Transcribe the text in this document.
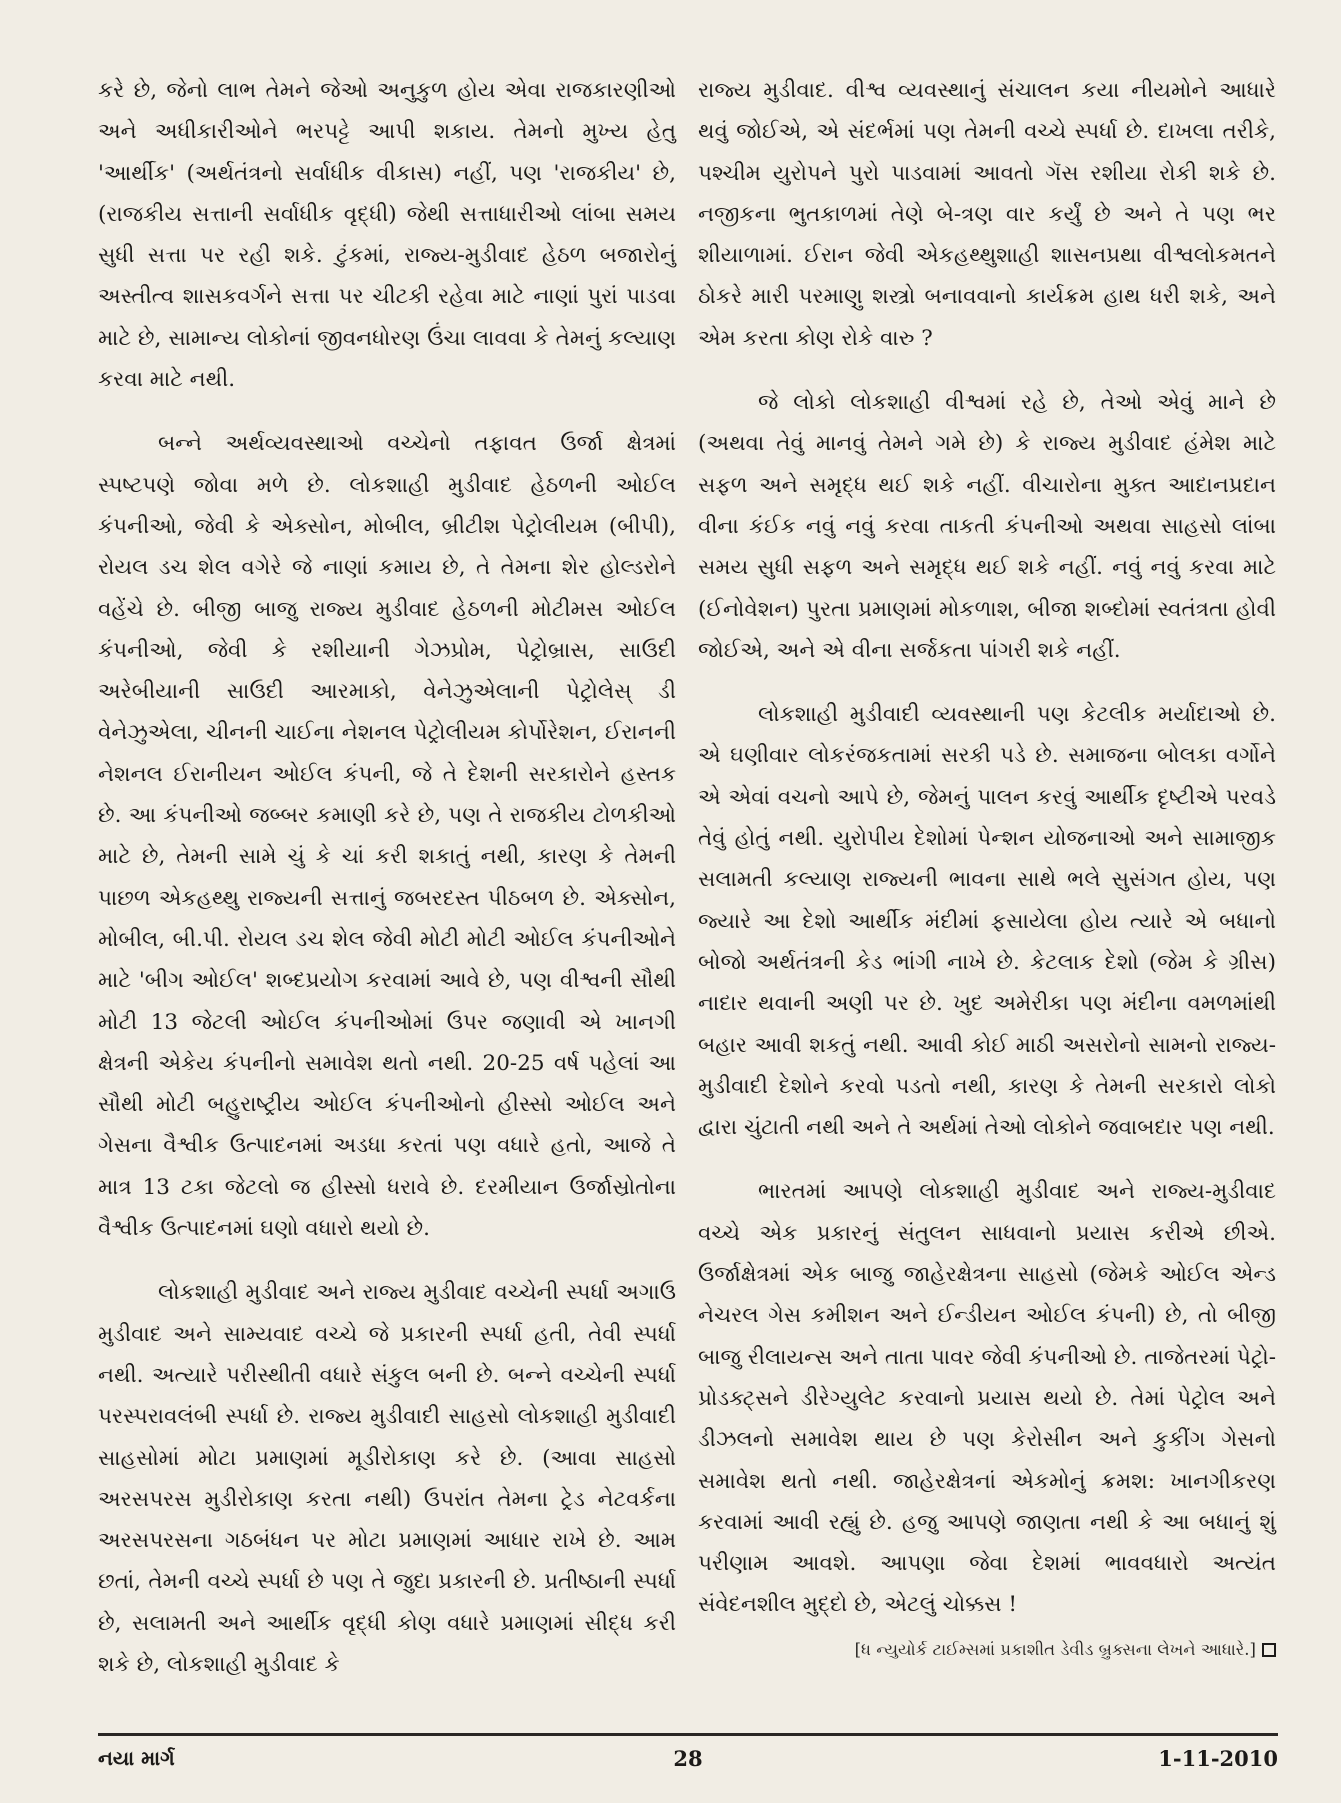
કરે છે, જેનો લાભ તેમને જેઓ અનુકુળ હોય એવા રાજકારણીઓ અને અધીકારીઓને ભરપટ્ટે આપી શકાય. તેમનો મુખ્ય હેતુ 'આર્થીક' (અર્થતંત્રનો સર્વાધીક વીકાસ) નહીં, પણ 'રાજકીય' છે, (રાજકીય સત્તાની સર્વાધીક વૃદ્ધી) જેથી સત્તાધારીઓ લાંબા સમય સુધી સત્તા પર રહી શકે. ટુંકમાં, રાજ્ય-મુડીવાદ હેઠળ બજારોનું અસ્તીત્વ શાસકવર્ગને સત્તા પર ચીટકી રહેવા માટે નાણાં પુરાં પાડવા માટે છે, સામાન્ય લોકોનાં જીવનધોરણ ઉંચા લાવવા કે તેમનું કલ્યાણ કરવા માટે નથી.

બન્ને અર્થવ્યવસ્થાઓ વચ્ચેનો તફાવત ઉર્જા ક્ષેત્રમાં સ્પષ્ટપણે જોવા મળે છે. લોકશાહી મુડીવાદ હેઠળની ઓઈલ કંપનીઓ, જેવી કે એક્સોન, મોબીલ, બ્રીટીશ પેટ્રોલીયમ (બીપી), રોયલ ડચ શેલ વગેરે જે નાણાં કમાય છે, તે તેમના શેર હોલ્ડરોને વહેંચે છે. બીજી બાજુ રાજ્ય મુડીવાદ હેઠળની મોટીમસ ઓઈલ કંપનીઓ, જેવી કે રશીયાની ગેઝપ્રોમ, પેટ્રોબ્રાસ, સાઉદી અરેબીયાની સાઉદી આરમાકો, વેનેઝુએલાની પેટ્રોલેસ્ ડી વેનેઝુએલા, ચીનની ચાઈના નેશનલ પેટ્રોલીયમ કોર્પોરેશન, ઈરાનની નેશનલ ઈરાનીયન ઓઈલ કંપની, જે તે દેશની સરકારોને હસ્તક છે. આ કંપનીઓ જબ્બર કમાણી કરે છે, પણ તે રાજકીય ટોળકીઓ માટે છે, તેમની સામે ચું કે ચાં કરી શકાતું નથી, કારણ કે તેમની પાછળ એકહથ્થુ રાજ્યની સત્તાનું જબરદસ્ત પીઠબળ છે. એક્સોન, મોબીલ, બી.પી. રોયલ ડચ શેલ જેવી મોટી મોટી ઓઈલ કંપનીઓને માટે 'બીગ ઓઈલ' શબ્દપ્રયોગ કરવામાં આવે છે, પણ વીશ્વની સૌથી મોટી 13 જેટલી ઓઈલ કંપનીઓમાં ઉપર જણાવી એ ખાનગી ક્ષેત્રની એકેય કંપનીનો સમાવેશ થતો નથી. 20-25 વર્ષ પહેલાં આ સૌથી મોટી બહુરાષ્ટ્રીય ઓઈલ કંપનીઓનો હીસ્સો ઓઈલ અને ગેસના વૈશ્વીક ઉત્પાદનમાં અડધા કરતાં પણ વધારે હતો, આજે તે માત્ર 13 ટકા જેટલો જ હીસ્સો ધરાવે છે. દરમીયાન ઉર્જાસ્રોતોના વૈશ્વીક ઉત્પાદનમાં ઘણો વધારો થયો છે.

લોકશાહી મુડીવાદ અને રાજ્ય મુડીવાદ વચ્ચેની સ્પર્ધા અગાઉ મુડીવાદ અને સામ્યવાદ વચ્ચે જે પ્રકારની સ્પર્ધા હતી, તેવી સ્પર્ધા નથી. અત્યારે પરીસ્થીતી વધારે સંકુલ બની છે. બન્ને વચ્ચેની સ્પર્ધા પરસ્પરાવલંબી સ્પર્ધા છે. રાજ્ય મુડીવાદી સાહસો લોકશાહી મુડીવાદી સાહસોમાં મોટા પ્રમાણમાં મૂડીરોકાણ કરે છે. (આવા સાહસો અરસપરસ મુડીરોકાણ કરતા નથી) ઉપરાંત તેમના ટ્રેડ નેટવર્કના અરસપરસના ગઠબંધન પર મોટા પ્રમાણમાં આધાર રાખે છે. આમ છતાં, તેમની વચ્ચે સ્પર્ધા છે પણ તે જુદા પ્રકારની છે. પ્રતીષ્ઠાની સ્પર્ધા છે, સલામતી અને આર્થીક વૃદ્ધી કોણ વધારે પ્રમાણમાં સીદ્ધ કરી શકે છે, લોકશાહી મુડીવાદ કે

રાજ્ય મુડીવાદ. વીશ્વ વ્યવસ્થાનું સંચાલન કયા નીયમોને આધારે થવું જોઈએ, એ સંદર્ભમાં પણ તેમની વચ્ચે સ્પર્ધા છે. દાખલા તરીકે, પશ્ચીમ યુરોપને પુરો પાડવામાં આવતો ગૅસ રશીયા રોકી શકે છે. નજીકના ભુતકાળમાં તેણે બે-ત્રણ વાર કર્યું છે અને તે પણ ભર શીયાળામાં. ઈરાન જેવી એકહથ્થુશાહી શાસનપ્રથા વીશ્વલોકમતને ઠોકરે મારી પરમાણુ શસ્ત્રો બનાવવાનો કાર્યક્રમ હાથ ધરી શકે, અને એમ કરતા કોણ રોકે વારુ ?

જે લોકો લોકશાહી વીશ્વમાં રહે છે, તેઓ એવું માને છે (અથવા તેવું માનવું તેમને ગમે છે) કે રાજ્ય મુડીવાદ હંમેશ માટે સફળ અને સમૃદ્ધ થઈ શકે નહીં. વીચારોના મુક્ત આદાનપ્રદાન વીના કંઈક નવું નવું કરવા તાકતી કંપનીઓ અથવા સાહસો લાંબા સમય સુધી સફળ અને સમૃદ્ધ થઈ શકે નહીં. નવું નવું કરવા માટે (ઈનોવેશન) પુરતા પ્રમાણમાં મોકળાશ, બીજા શબ્દોમાં સ્વતંત્રતા હોવી જોઈએ, અને એ વીના સર્જકતા પાંગરી શકે નહીં.

લોકશાહી મુડીવાદી વ્યવસ્થાની પણ કેટલીક મર્યાદાઓ છે. એ ઘણીવાર લોકરંજકતામાં સરકી પડે છે. સમાજના બોલકા વર્ગોને એ એવાં વચનો આપે છે, જેમનું પાલન કરવું આર્થીક દૃષ્ટીએ પરવડે તેવું હોતું નથી. યુરોપીય દેશોમાં પેન્શન યોજનાઓ અને સામાજીક સલામતી કલ્યાણ રાજ્યની ભાવના સાથે ભલે સુસંગત હોય, પણ જ્યારે આ દેશો આર્થીક મંદીમાં ફસાયેલા હોય ત્યારે એ બધાનો બોજો અર્થતંત્રની કેડ ભાંગી નાખે છે. કેટલાક દેશો (જેમ કે ગ્રીસ) નાદાર થવાની અણી પર છે. ખુદ અમેરીકા પણ મંદીના વમળમાંથી બહાર આવી શકતું નથી. આવી કોઈ માઠી અસરોનો સામનો રાજ્ય-મુડીવાદી દેશોને કરવો પડતો નથી, કારણ કે તેમની સરકારો લોકો દ્વારા ચુંટાતી નથી અને તે અર્થમાં તેઓ લોકોને જવાબદાર પણ નથી.

ભારતમાં આપણે લોકશાહી મુડીવાદ અને રાજ્ય-મુડીવાદ વચ્ચે એક પ્રકારનું સંતુલન સાધવાનો પ્રયાસ કરીએ છીએ. ઉર્જાક્ષેત્રમાં એક બાજુ જાહેરક્ષેત્રના સાહસો (જેમકે ઓઈલ એન્ડ નેચરલ ગેસ કમીશન અને ઈન્ડીયન ઓઈલ કંપની) છે, તો બીજી બાજુ રીલાયન્સ અને તાતા પાવર જેવી કંપનીઓ છે. તાજેતરમાં પેટ્રો-પ્રોડક્ટ્સને ડીરેગ્યુલેટ કરવાનો પ્રયાસ થયો છે. તેમાં પેટ્રોલ અને ડીઝલનો સમાવેશ થાય છે પણ કેરોસીન અને કુકીંગ ગેસનો સમાવેશ થતો નથી. જાહેરક્ષેત્રનાં એકમોનું ક્રમશ: ખાનગીકરણ કરવામાં આવી રહ્યું છે. હજુ આપણે જાણતા નથી કે આ બધાનું શું પરીણામ આવશે. આપણા જેવા દેશમાં ભાવવધારો અત્યંત સંવેદનશીલ મુદ્દો છે, એટલું ચોક્કસ !

[ધ ન્યુયોર્ક ટાઈમ્સમાં પ્રકાશીત ડેવીડ બ્રુક્સના લેખને આધારે.]
નયા માર્ગ	28	1-11-2010
